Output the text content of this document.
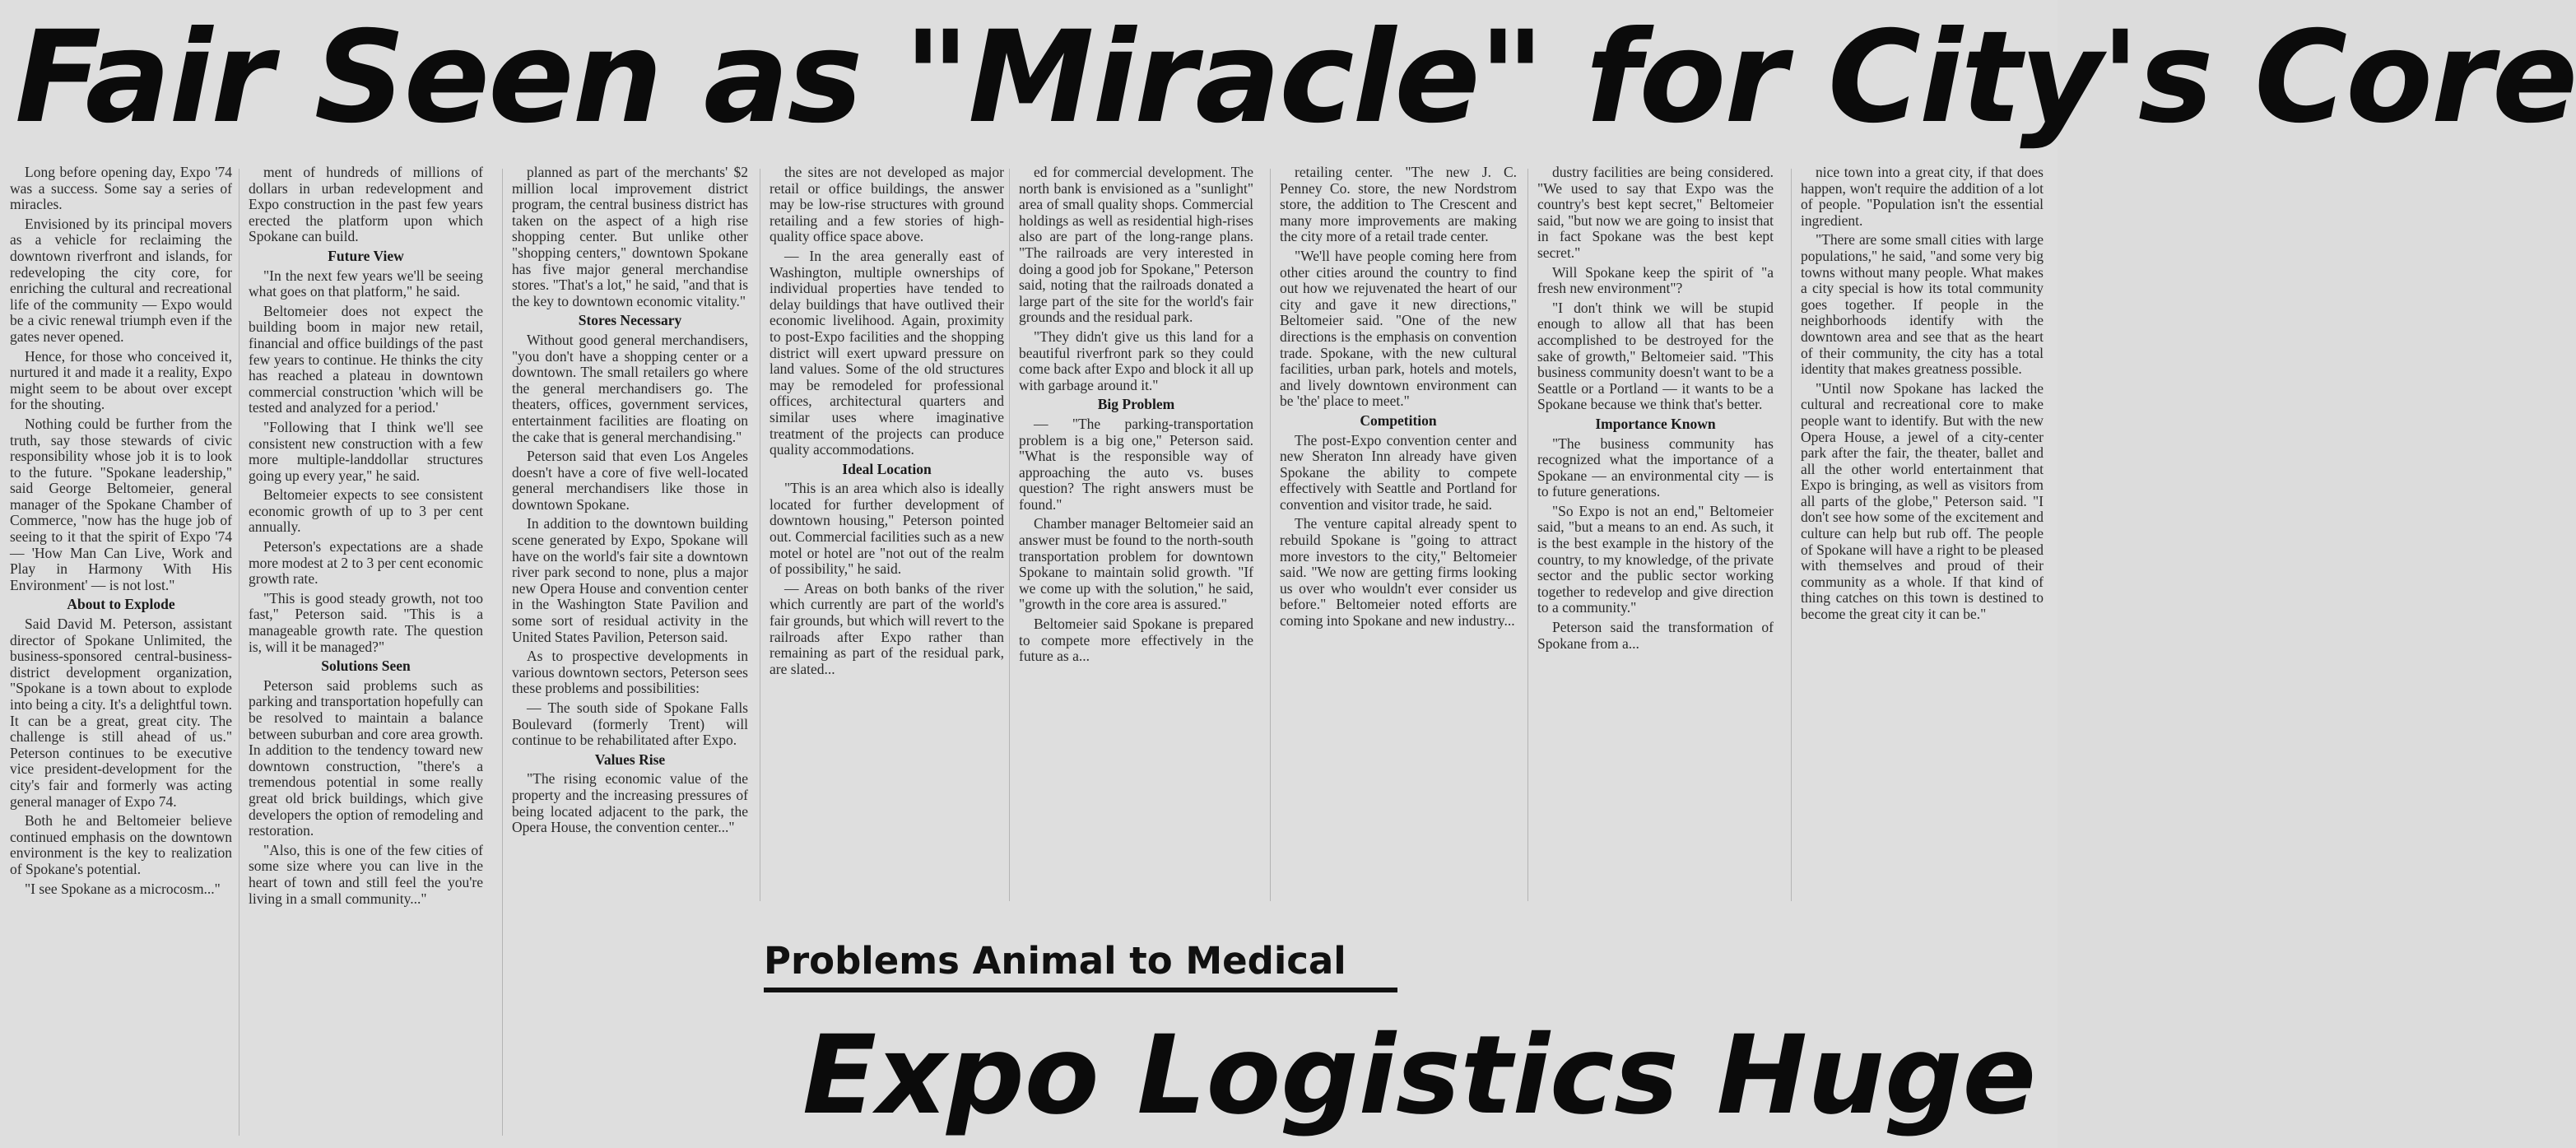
Fair Seen as "Miracle" for City's Core

Long before opening day, Expo '74 was a success. Some say a series of miracles.

Envisioned by its principal movers as a vehicle for reclaiming the downtown riverfront and islands, for redeveloping the city core, for enriching the cultural and recreational life of the community — Expo would be a civic renewal triumph even if the gates never opened.

Hence, for those who conceived it, nurtured it and made it a reality, Expo might seem to be about over except for the shouting.

Nothing could be further from the truth, say those stewards of civic responsibility whose job it is to look to the future. "Spokane leadership," said George Beltomeier, general manager of the Spokane Chamber of Commerce, "now has the huge job of seeing to it that the spirit of Expo '74 — 'How Man Can Live, Work and Play in Harmony With His Environment' — is not lost."

About to Explode

Said David M. Peterson, assistant director of Spokane Unlimited, the business-sponsored central-business-district development organization, "Spokane is a town about to explode into being a city. It's a delightful town. It can be a great, great city. The challenge is still ahead of us." Peterson continues to be executive vice president-development for the city's fair and formerly was acting general manager of Expo 74.

Both he and Beltomeier believe continued emphasis on the downtown environment is the key to realization of Spokane's potential.

"I see Spokane as a microcosm..."

ment of hundreds of millions of dollars in urban redevelopment and Expo construction in the past few years erected the platform upon which Spokane can build.

Future View

"In the next few years we'll be seeing what goes on that platform," he said.

Beltomeier does not expect the building boom in major new retail, financial and office buildings of the past few years to continue. He thinks the city has reached a plateau in downtown commercial construction 'which will be tested and analyzed for a period.'

"Following that I think we'll see consistent new construction with a few more multiple-landdollar structures going up every year," he said.

Beltomeier expects to see consistent economic growth of up to 3 per cent annually.

Peterson's expectations are a shade more modest at 2 to 3 per cent economic growth rate.

"This is good steady growth, not too fast," Peterson said. "This is a manageable growth rate. The question is, will it be managed?"

Solutions Seen

Peterson said problems such as parking and transportation hopefully can be resolved to maintain a balance between suburban and core area growth. In addition to the tendency toward new downtown construction, "there's a tremendous potential in some really great old brick buildings, which give developers the option of remodeling and restoration.

"Also, this is one of the few cities of some size where you can live in the heart of town and still feel the you're living in a small community..."

planned as part of the merchants' $2 million local improvement district program, the central business district has taken on the aspect of a high rise shopping center. But unlike other "shopping centers," downtown Spokane has five major general merchandise stores. "That's a lot," he said, "and that is the key to downtown economic vitality."

Stores Necessary

Without good general merchandisers, "you don't have a shopping center or a downtown. The small retailers go where the general merchandisers go. The theaters, offices, government services, entertainment facilities are floating on the cake that is general merchandising."

Peterson said that even Los Angeles doesn't have a core of five well-located general merchandisers like those in downtown Spokane.

In addition to the downtown building scene generated by Expo, Spokane will have on the world's fair site a downtown river park second to none, plus a major new Opera House and convention center in the Washington State Pavilion and some sort of residual activity in the United States Pavilion, Peterson said.

As to prospective developments in various downtown sectors, Peterson sees these problems and possibilities:

— The south side of Spokane Falls Boulevard (formerly Trent) will continue to be rehabilitated after Expo.

Values Rise

"The rising economic value of the property and the increasing pressures of being located adjacent to the park, the Opera House, the convention center..."

the sites are not developed as major retail or office buildings, the answer may be low-rise structures with ground retailing and a few stories of high-quality office space above.

— In the area generally east of Washington, multiple ownerships of individual properties have tended to delay buildings that have outlived their economic livelihood. Again, proximity to post-Expo facilities and the shopping district will exert upward pressure on land values. Some of the old structures may be remodeled for professional offices, architectural quarters and similar uses where imaginative treatment of the projects can produce quality accommodations.

Ideal Location

"This is an area which also is ideally located for further development of downtown housing," Peterson pointed out. Commercial facilities such as a new motel or hotel are "not out of the realm of possibility," he said.

— Areas on both banks of the river which currently are part of the world's fair grounds, but which will revert to the railroads after Expo rather than remaining as part of the residual park, are slated...

ed for commercial development. The north bank is envisioned as a "sunlight" area of small quality shops. Commercial holdings as well as residential high-rises also are part of the long-range plans. "The railroads are very interested in doing a good job for Spokane," Peterson said, noting that the railroads donated a large part of the site for the world's fair grounds and the residual park.

"They didn't give us this land for a beautiful riverfront park so they could come back after Expo and block it all up with garbage around it."

Big Problem

— "The parking-transportation problem is a big one," Peterson said. "What is the responsible way of approaching the auto vs. buses question? The right answers must be found."

Chamber manager Beltomeier said an answer must be found to the north-south transportation problem for downtown Spokane to maintain solid growth. "If we come up with the solution," he said, "growth in the core area is assured."

Beltomeier said Spokane is prepared to compete more effectively in the future as a...

retailing center. "The new J. C. Penney Co. store, the new Nordstrom store, the addition to The Crescent and many more improvements are making the city more of a retail trade center.

"We'll have people coming here from other cities around the country to find out how we rejuvenated the heart of our city and gave it new directions," Beltomeier said. "One of the new directions is the emphasis on convention trade. Spokane, with the new cultural facilities, urban park, hotels and motels, and lively downtown environment can be 'the' place to meet."

Competition

The post-Expo convention center and new Sheraton Inn already have given Spokane the ability to compete effectively with Seattle and Portland for convention and visitor trade, he said.

The venture capital already spent to rebuild Spokane is "going to attract more investors to the city," Beltomeier said. "We now are getting firms looking us over who wouldn't ever consider us before." Beltomeier noted efforts are coming into Spokane and new industry...

dustry facilities are being considered. "We used to say that Expo was the country's best kept secret," Beltomeier said, "but now we are going to insist that in fact Spokane was the best kept secret."

Will Spokane keep the spirit of "a fresh new environment"?

"I don't think we will be stupid enough to allow all that has been accomplished to be destroyed for the sake of growth," Beltomeier said. "This business community doesn't want to be a Seattle or a Portland — it wants to be a Spokane because we think that's better.

Importance Known

"The business community has recognized what the importance of a Spokane — an environmental city — is to future generations.

"So Expo is not an end," Beltomeier said, "but a means to an end. As such, it is the best example in the history of the country, to my knowledge, of the private sector and the public sector working together to redevelop and give direction to a community."

Peterson said the transformation of Spokane from a...

nice town into a great city, if that does happen, won't require the addition of a lot of people. "Population isn't the essential ingredient.

"There are some small cities with large populations," he said, "and some very big towns without many people. What makes a city special is how its total community goes together. If people in the neighborhoods identify with the downtown area and see that as the heart of their community, the city has a total identity that makes greatness possible.

"Until now Spokane has lacked the cultural and recreational core to make people want to identify. But with the new Opera House, a jewel of a city-center park after the fair, the theater, ballet and all the other world entertainment that Expo is bringing, as well as visitors from all parts of the globe," Peterson said. "I don't see how some of the excitement and culture can help but rub off. The people of Spokane will have a right to be pleased with themselves and proud of their community as a whole. If that kind of thing catches on this town is destined to become the great city it can be."

Problems Animal to Medical
Expo Logistics Huge
